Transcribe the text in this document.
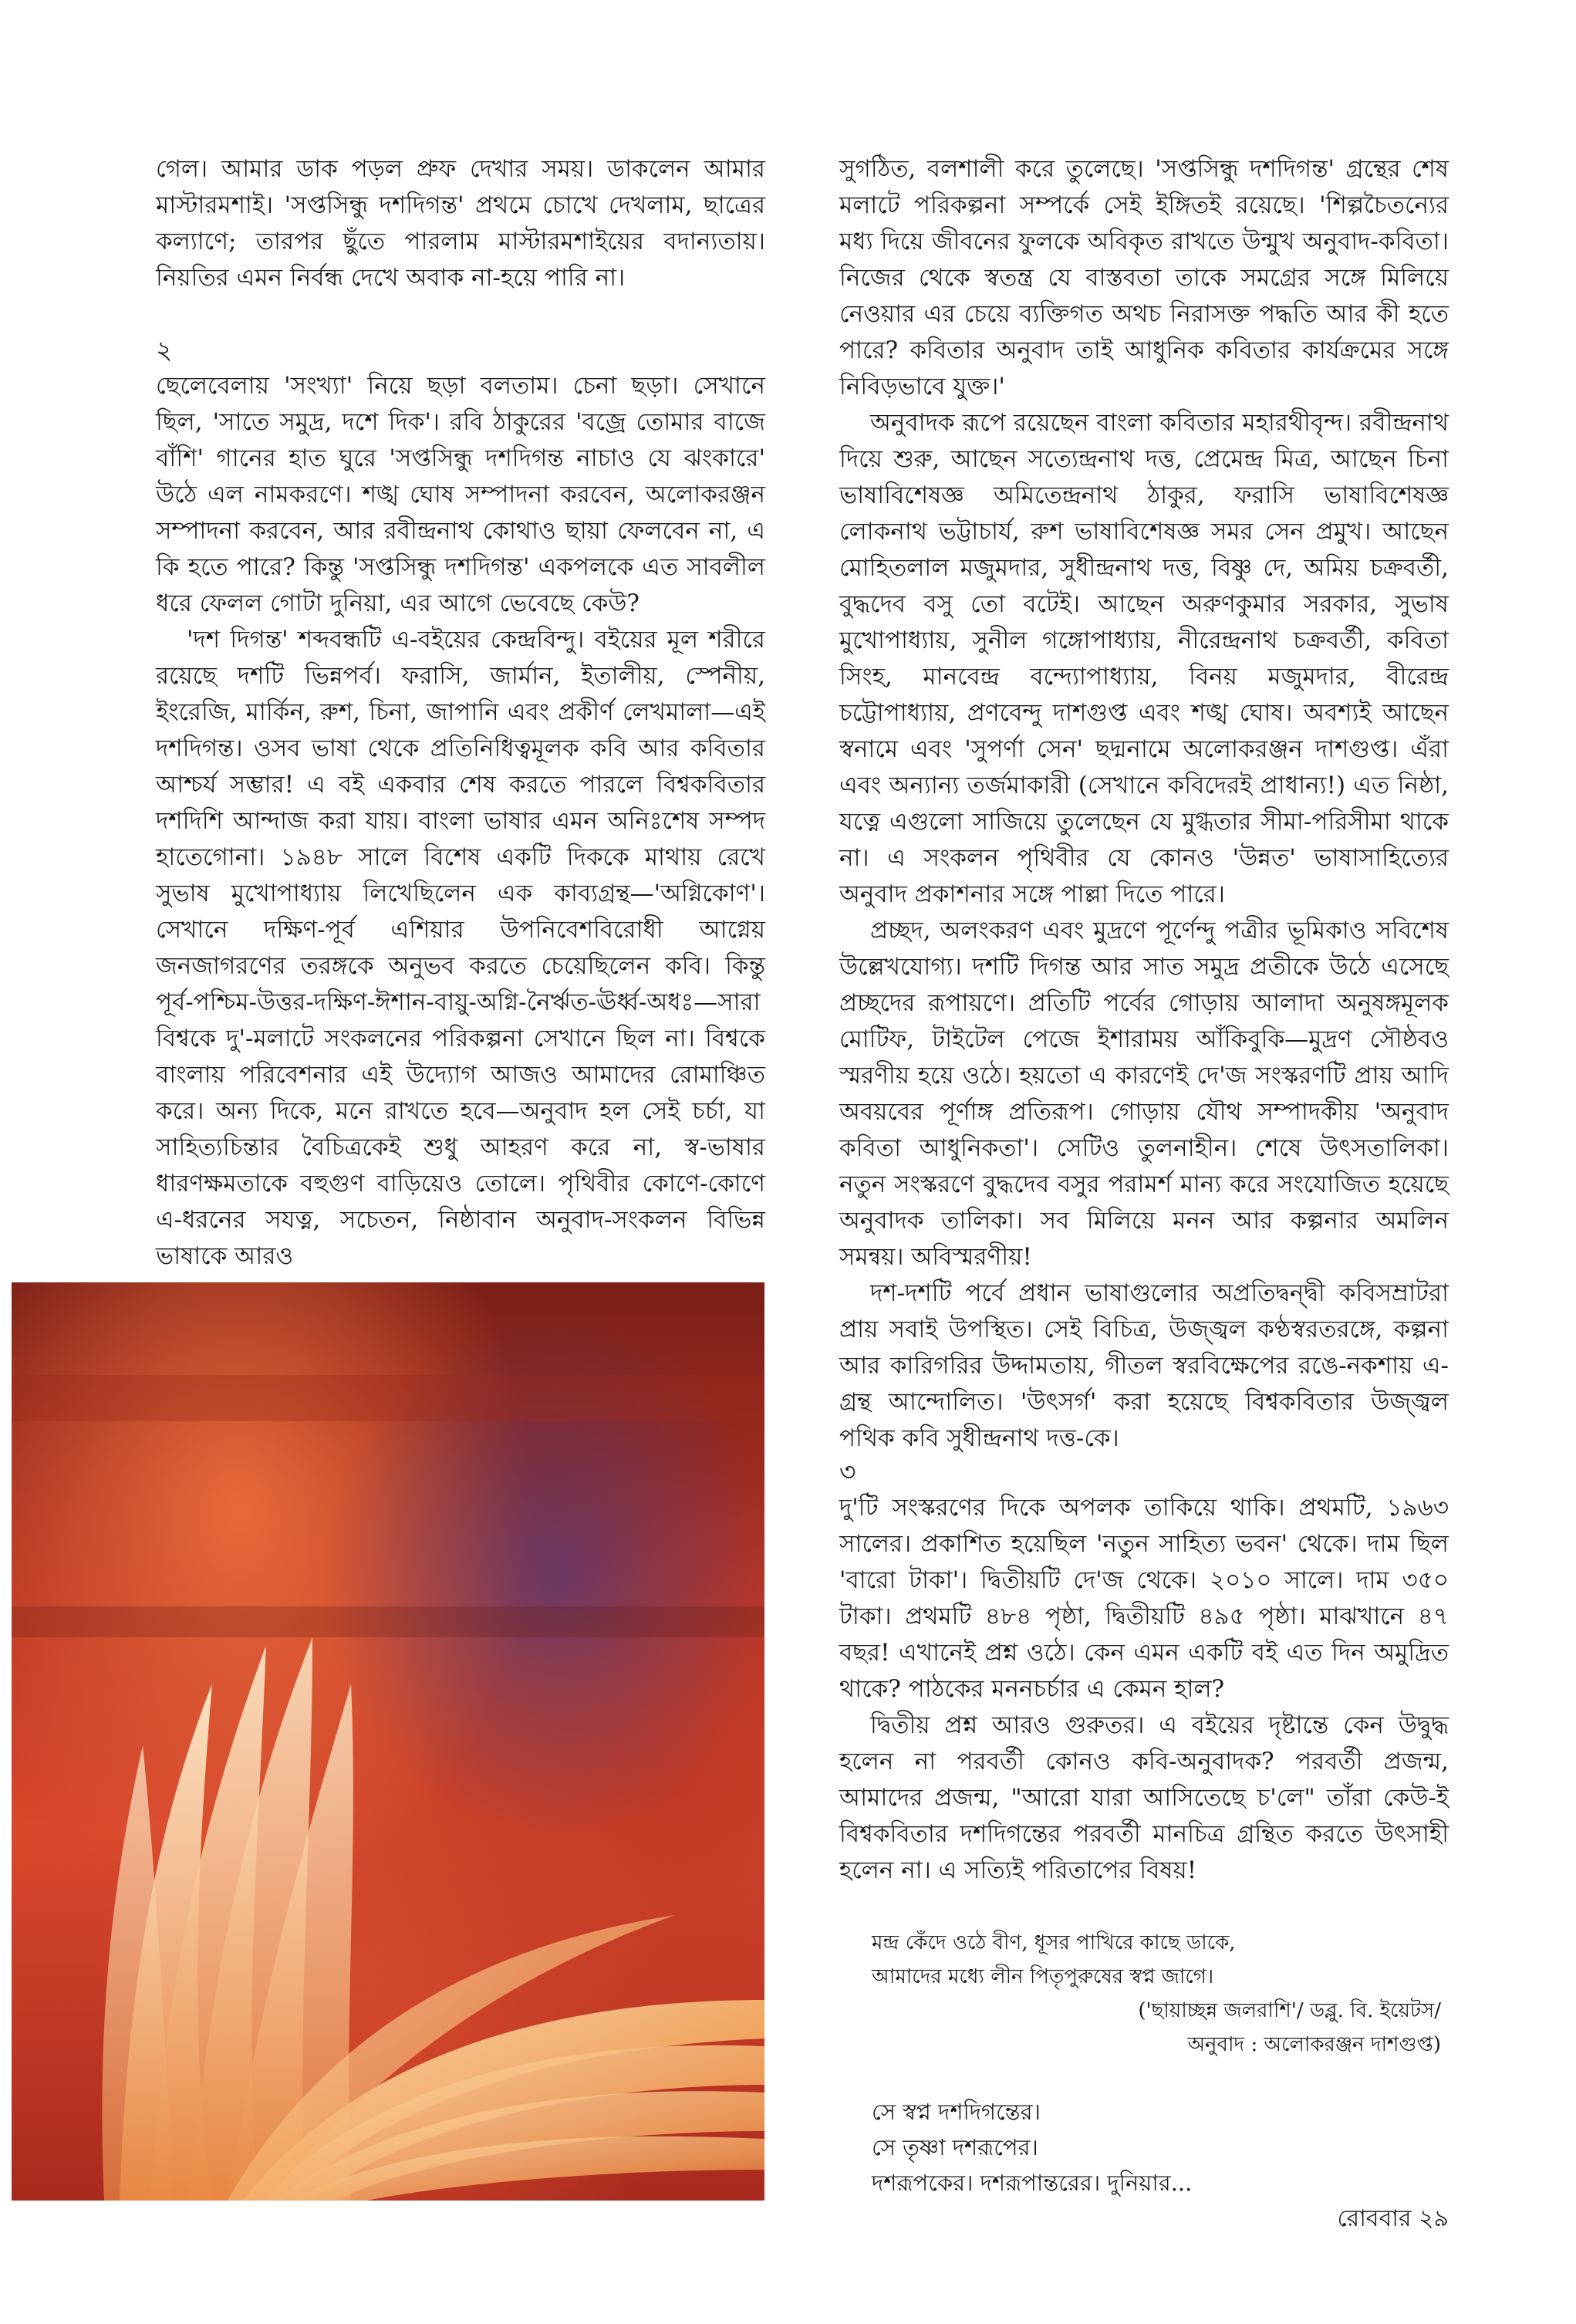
গেল। আমার ডাক পড়ল প্রুফ দেখার সময়। ডাকলেন আমার মাস্টারমশাই। 'সপ্তসিন্ধু দশদিগন্ত' প্রথমে চোখে দেখলাম, ছাত্রের কল্যাণে; তারপর ছুঁতে পারলাম মাস্টারমশাইয়ের বদান্যতায়। নিয়তির এমন নির্বন্ধ দেখে অবাক না-হয়ে পারি না।

২

ছেলেবেলায় 'সংখ্যা' নিয়ে ছড়া বলতাম। চেনা ছড়া। সেখানে ছিল, 'সাতে সমুদ্র, দশে দিক'। রবি ঠাকুরের 'বজ্রে তোমার বাজে বাঁশি' গানের হাত ঘুরে 'সপ্তসিন্ধু দশদিগন্ত নাচাও যে ঝংকারে' উঠে এল নামকরণে। শঙ্খ ঘোষ সম্পাদনা করবেন, অলোকরঞ্জন সম্পাদনা করবেন, আর রবীন্দ্রনাথ কোথাও ছায়া ফেলবেন না, এ কি হতে পারে? কিন্তু 'সপ্তসিন্ধু দশদিগন্ত' একপলকে এত সাবলীল ধরে ফেলল গোটা দুনিয়া, এর আগে ভেবেছে কেউ?

'দশ দিগন্ত' শব্দবন্ধটি এ-বইয়ের কেন্দ্রবিন্দু। বইয়ের মূল শরীরে রয়েছে দশটি ভিন্নপর্ব। ফরাসি, জার্মান, ইতালীয়, স্পেনীয়, ইংরেজি, মার্কিন, রুশ, চিনা, জাপানি এবং প্রকীর্ণ লেখমালা—এই দশদিগন্ত। ওসব ভাষা থেকে প্রতিনিধিত্বমূলক কবি আর কবিতার আশ্চর্য সম্ভার! এ বই একবার শেষ করতে পারলে বিশ্বকবিতার দশদিশি আন্দাজ করা যায়। বাংলা ভাষার এমন অনিঃশেষ সম্পদ হাতেগোনা। ১৯৪৮ সালে বিশেষ একটি দিককে মাথায় রেখে সুভাষ মুখোপাধ্যায় লিখেছিলেন এক কাব্যগ্রন্থ—'অগ্নিকোণ'। সেখানে দক্ষিণ-পূর্ব এশিয়ার উপনিবেশবিরোধী আগ্নেয় জনজাগরণের তরঙ্গকে অনুভব করতে চেয়েছিলেন কবি। কিন্তু পূর্ব-পশ্চিম-উত্তর-দক্ষিণ-ঈশান-বায়ু-অগ্নি-নৈর্ঋত-ঊর্ধ্ব-অধঃ—সারা বিশ্বকে দু'-মলাটে সংকলনের পরিকল্পনা সেখানে ছিল না। বিশ্বকে বাংলায় পরিবেশনার এই উদ্যোগ আজও আমাদের রোমাঞ্চিত করে। অন্য দিকে, মনে রাখতে হবে—অনুবাদ হল সেই চর্চা, যা সাহিত্যচিন্তার বৈচিত্রকেই শুধু আহরণ করে না, স্ব-ভাষার ধারণক্ষমতাকে বহুগুণ বাড়িয়েও তোলে। পৃথিবীর কোণে-কোণে এ-ধরনের সযত্ন, সচেতন, নিষ্ঠাবান অনুবাদ-সংকলন বিভিন্ন ভাষাকে আরও

সুগঠিত, বলশালী করে তুলেছে। 'সপ্তসিন্ধু দশদিগন্ত' গ্রন্থের শেষ মলাটে পরিকল্পনা সম্পর্কে সেই ইঙ্গিতই রয়েছে। 'শিল্পচৈতন্যের মধ্য দিয়ে জীবনের ফুলকে অবিকৃত রাখতে উন্মুখ অনুবাদ-কবিতা। নিজের থেকে স্বতন্ত্র যে বাস্তবতা তাকে সমগ্রের সঙ্গে মিলিয়ে নেওয়ার এর চেয়ে ব্যক্তিগত অথচ নিরাসক্ত পদ্ধতি আর কী হতে পারে? কবিতার অনুবাদ তাই আধুনিক কবিতার কার্যক্রমের সঙ্গে নিবিড়ভাবে যুক্ত।'

অনুবাদক রূপে রয়েছেন বাংলা কবিতার মহারথীবৃন্দ। রবীন্দ্রনাথ দিয়ে শুরু, আছেন সত্যেন্দ্রনাথ দত্ত, প্রেমেন্দ্র মিত্র, আছেন চিনা ভাষাবিশেষজ্ঞ অমিতেন্দ্রনাথ ঠাকুর, ফরাসি ভাষাবিশেষজ্ঞ লোকনাথ ভট্টাচার্য, রুশ ভাষাবিশেষজ্ঞ সমর সেন প্রমুখ। আছেন মোহিতলাল মজুমদার, সুধীন্দ্রনাথ দত্ত, বিষ্ণু দে, অমিয় চক্রবর্তী, বুদ্ধদেব বসু তো বটেই। আছেন অরুণকুমার সরকার, সুভাষ মুখোপাধ্যায়, সুনীল গঙ্গোপাধ্যায়, নীরেন্দ্রনাথ চক্রবর্তী, কবিতা সিংহ, মানবেন্দ্র বন্দ্যোপাধ্যায়, বিনয় মজুমদার, বীরেন্দ্র চট্টোপাধ্যায়, প্রণবেন্দু দাশগুপ্ত এবং শঙ্খ ঘোষ। অবশ্যই আছেন স্বনামে এবং 'সুপর্ণা সেন' ছদ্মনামে অলোকরঞ্জন দাশগুপ্ত। এঁরা এবং অন্যান্য তর্জমাকারী (সেখানে কবিদেরই প্রাধান্য!) এত নিষ্ঠা, যত্নে এগুলো সাজিয়ে তুলেছেন যে মুগ্ধতার সীমা-পরিসীমা থাকে না। এ সংকলন পৃথিবীর যে কোনও 'উন্নত' ভাষাসাহিত্যের অনুবাদ প্রকাশনার সঙ্গে পাল্লা দিতে পারে।

প্রচ্ছদ, অলংকরণ এবং মুদ্রণে পূর্ণেন্দু পত্রীর ভূমিকাও সবিশেষ উল্লেখযোগ্য। দশটি দিগন্ত আর সাত সমুদ্র প্রতীকে উঠে এসেছে প্রচ্ছদের রূপায়ণে। প্রতিটি পর্বের গোড়ায় আলাদা অনুষঙ্গমূলক মোটিফ, টাইটেল পেজে ইশারাময় আঁকিবুকি—মুদ্রণ সৌষ্ঠবও স্মরণীয় হয়ে ওঠে। হয়তো এ কারণেই দে'জ সংস্করণটি প্রায় আদি অবয়বের পূর্ণাঙ্গ প্রতিরূপ। গোড়ায় যৌথ সম্পাদকীয় 'অনুবাদ কবিতা আধুনিকতা'। সেটিও তুলনাহীন। শেষে উৎসতালিকা। নতুন সংস্করণে বুদ্ধদেব বসুর পরামর্শ মান্য করে সংযোজিত হয়েছে অনুবাদক তালিকা। সব মিলিয়ে মনন আর কল্পনার অমলিন সমন্বয়। অবিস্মরণীয়!

দশ-দশটি পর্বে প্রধান ভাষাগুলোর অপ্রতিদ্বন্দ্বী কবিসম্রাটরা প্রায় সবাই উপস্থিত। সেই বিচিত্র, উজ্জ্বল কণ্ঠস্বরতরঙ্গে, কল্পনা আর কারিগরির উদ্দামতায়, গীতল স্বরবিক্ষেপের রঙে-নকশায় এ-গ্রন্থ আন্দোলিত। 'উৎসর্গ' করা হয়েছে বিশ্বকবিতার উজ্জ্বল পথিক কবি সুধীন্দ্রনাথ দত্ত-কে।

৩

দু'টি সংস্করণের দিকে অপলক তাকিয়ে থাকি। প্রথমটি, ১৯৬৩ সালের। প্রকাশিত হয়েছিল 'নতুন সাহিত্য ভবন' থেকে। দাম ছিল 'বারো টাকা'। দ্বিতীয়টি দে'জ থেকে। ২০১০ সালে। দাম ৩৫০ টাকা। প্রথমটি ৪৮৪ পৃষ্ঠা, দ্বিতীয়টি ৪৯৫ পৃষ্ঠা। মাঝখানে ৪৭ বছর! এখানেই প্রশ্ন ওঠে। কেন এমন একটি বই এত দিন অমুদ্রিত থাকে? পাঠকের মননচর্চার এ কেমন হাল?

দ্বিতীয় প্রশ্ন আরও গুরুতর। এ বইয়ের দৃষ্টান্তে কেন উদ্বুদ্ধ হলেন না পরবর্তী কোনও কবি-অনুবাদক? পরবর্তী প্রজন্ম, আমাদের প্রজন্ম, "আরো যারা আসিতেছে চ'লে" তাঁরা কেউ-ই বিশ্বকবিতার দশদিগন্তের পরবর্তী মানচিত্র গ্রন্থিত করতে উৎসাহী হলেন না। এ সত্যিই পরিতাপের বিষয়!

মন্দ্র কেঁদে ওঠে বীণ, ধূসর পাখিরে কাছে ডাকে,
আমাদের মধ্যে লীন পিতৃপুরুষের স্বপ্ন জাগে।
('ছায়াচ্ছন্ন জলরাশি'/ ডব্লু. বি. ইয়েটস/
অনুবাদ : অলোকরঞ্জন দাশগুপ্ত)
সে স্বপ্ন দশদিগন্তের।
সে তৃষ্ণা দশরূপের।
দশরূপকের। দশরূপান্তরের। দুনিয়ার...
রোববার ২৯
